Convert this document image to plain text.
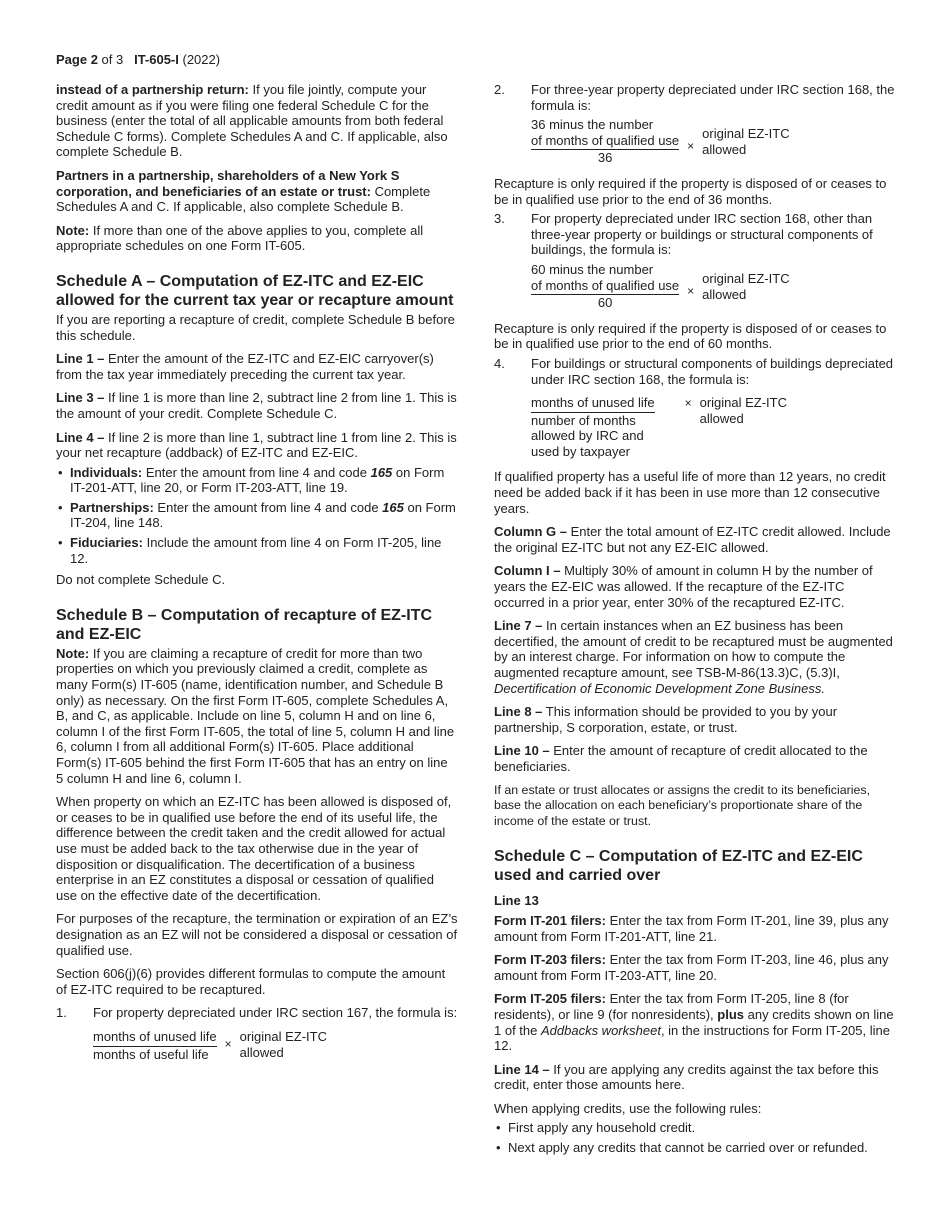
Page 2 of 3 IT-605-I (2022)

instead of a partnership return: If you file jointly, compute your credit amount as if you were filing one federal Schedule C for the business (enter the total of all applicable amounts from both federal Schedule C forms). Complete Schedules A and C. If applicable, also complete Schedule B.

Partners in a partnership, shareholders of a New York S corporation, and beneficiaries of an estate or trust: Complete Schedules A and C. If applicable, also complete Schedule B.

Note: If more than one of the above applies to you, complete all appropriate schedules on one Form IT-605.

Schedule A – Computation of EZ-ITC and EZ-EIC allowed for the current tax year or recapture amount

If you are reporting a recapture of credit, complete Schedule B before this schedule.

Line 1 – Enter the amount of the EZ-ITC and EZ-EIC carryover(s) from the tax year immediately preceding the current tax year.

Line 3 – If line 1 is more than line 2, subtract line 2 from line 1. This is the amount of your credit. Complete Schedule C.

Line 4 – If line 2 is more than line 1, subtract line 1 from line 2. This is your net recapture (addback) of EZ-ITC and EZ-EIC.

• Individuals: Enter the amount from line 4 and code 165 on Form IT-201-ATT, line 20, or Form IT-203-ATT, line 19.
• Partnerships: Enter the amount from line 4 and code 165 on Form IT-204, line 148.
• Fiduciaries: Include the amount from line 4 on Form IT-205, line 12.

Do not complete Schedule C.

Schedule B – Computation of recapture of EZ-ITC and EZ-EIC

Note: If you are claiming a recapture of credit for more than two properties on which you previously claimed a credit, complete as many Form(s) IT-605 (name, identification number, and Schedule B only) as necessary. On the first Form IT-605, complete Schedules A, B, and C, as applicable. Include on line 5, column H and on line 6, column I of the first Form IT-605, the total of line 5, column H and line 6, column I from all additional Form(s) IT-605. Place additional Form(s) IT-605 behind the first Form IT-605 that has an entry on line 5 column H and line 6, column I.

When property on which an EZ-ITC has been allowed is disposed of, or ceases to be in qualified use before the end of its useful life, the difference between the credit taken and the credit allowed for actual use must be added back to the tax otherwise due in the year of disposition or disqualification. The decertification of a business enterprise in an EZ constitutes a disposal or cessation of qualified use on the effective date of the decertification.

For purposes of the recapture, the termination or expiration of an EZ’s designation as an EZ will not be considered a disposal or cessation of qualified use.

Section 606(j)(6) provides different formulas to compute the amount of EZ-ITC required to be recaptured.

1. For property depreciated under IRC section 167, the formula is:
$\frac{\text{months of unused life}}{\text{months of useful life}}$ × original EZ-ITC
allowed
2. For three-year property depreciated under IRC section 168, the formula is:
36 minus the number
of months of qualified use
36
×
original EZ-ITC
allowed

Recapture is only required if the property is disposed of or ceases to be in qualified use prior to the end of 36 months.

3. For property depreciated under IRC section 168, other than three-year property or buildings or structural components of buildings, the formula is:
60 minus the number
of months of qualified use
60
×
original EZ-ITC
allowed

Recapture is only required if the property is disposed of or ceases to be in qualified use prior to the end of 60 months.

4. For buildings or structural components of buildings depreciated under IRC section 168, the formula is:
months of unused life
number of months
allowed by IRC and
used by taxpayer
× original EZ-ITC
allowed

If qualified property has a useful life of more than 12 years, no credit need be added back if it has been in use more than 12 consecutive years.

Column G – Enter the total amount of EZ-ITC credit allowed. Include the original EZ-ITC but not any EZ-EIC allowed.

Column I – Multiply 30% of amount in column H by the number of years the EZ-EIC was allowed. If the recapture of the EZ-ITC occurred in a prior year, enter 30% of the recaptured EZ-ITC.

Line 7 – In certain instances when an EZ business has been decertified, the amount of credit to be recaptured must be augmented by an interest charge. For information on how to compute the augmented recapture amount, see TSB-M-86(13.3)C, (5.3)I, Decertification of Economic Development Zone Business.

Line 8 – This information should be provided to you by your partnership, S corporation, estate, or trust.

Line 10 – Enter the amount of recapture of credit allocated to the beneficiaries.

If an estate or trust allocates or assigns the credit to its beneficiaries, base the allocation on each beneficiary’s proportionate share of the income of the estate or trust.

Schedule C – Computation of EZ-ITC and EZ-EIC used and carried over

Line 13

Form IT-201 filers: Enter the tax from Form IT-201, line 39, plus any amount from Form IT-201-ATT, line 21.

Form IT-203 filers: Enter the tax from Form IT-203, line 46, plus any amount from Form IT-203-ATT, line 20.

Form IT-205 filers: Enter the tax from Form IT-205, line 8 (for residents), or line 9 (for nonresidents), plus any credits shown on line 1 of the Addbacks worksheet, in the instructions for Form IT-205, line 12.

Line 14 – If you are applying any credits against the tax before this credit, enter those amounts here.

When applying credits, use the following rules:

• First apply any household credit.
• Next apply any credits that cannot be carried over or refunded.
